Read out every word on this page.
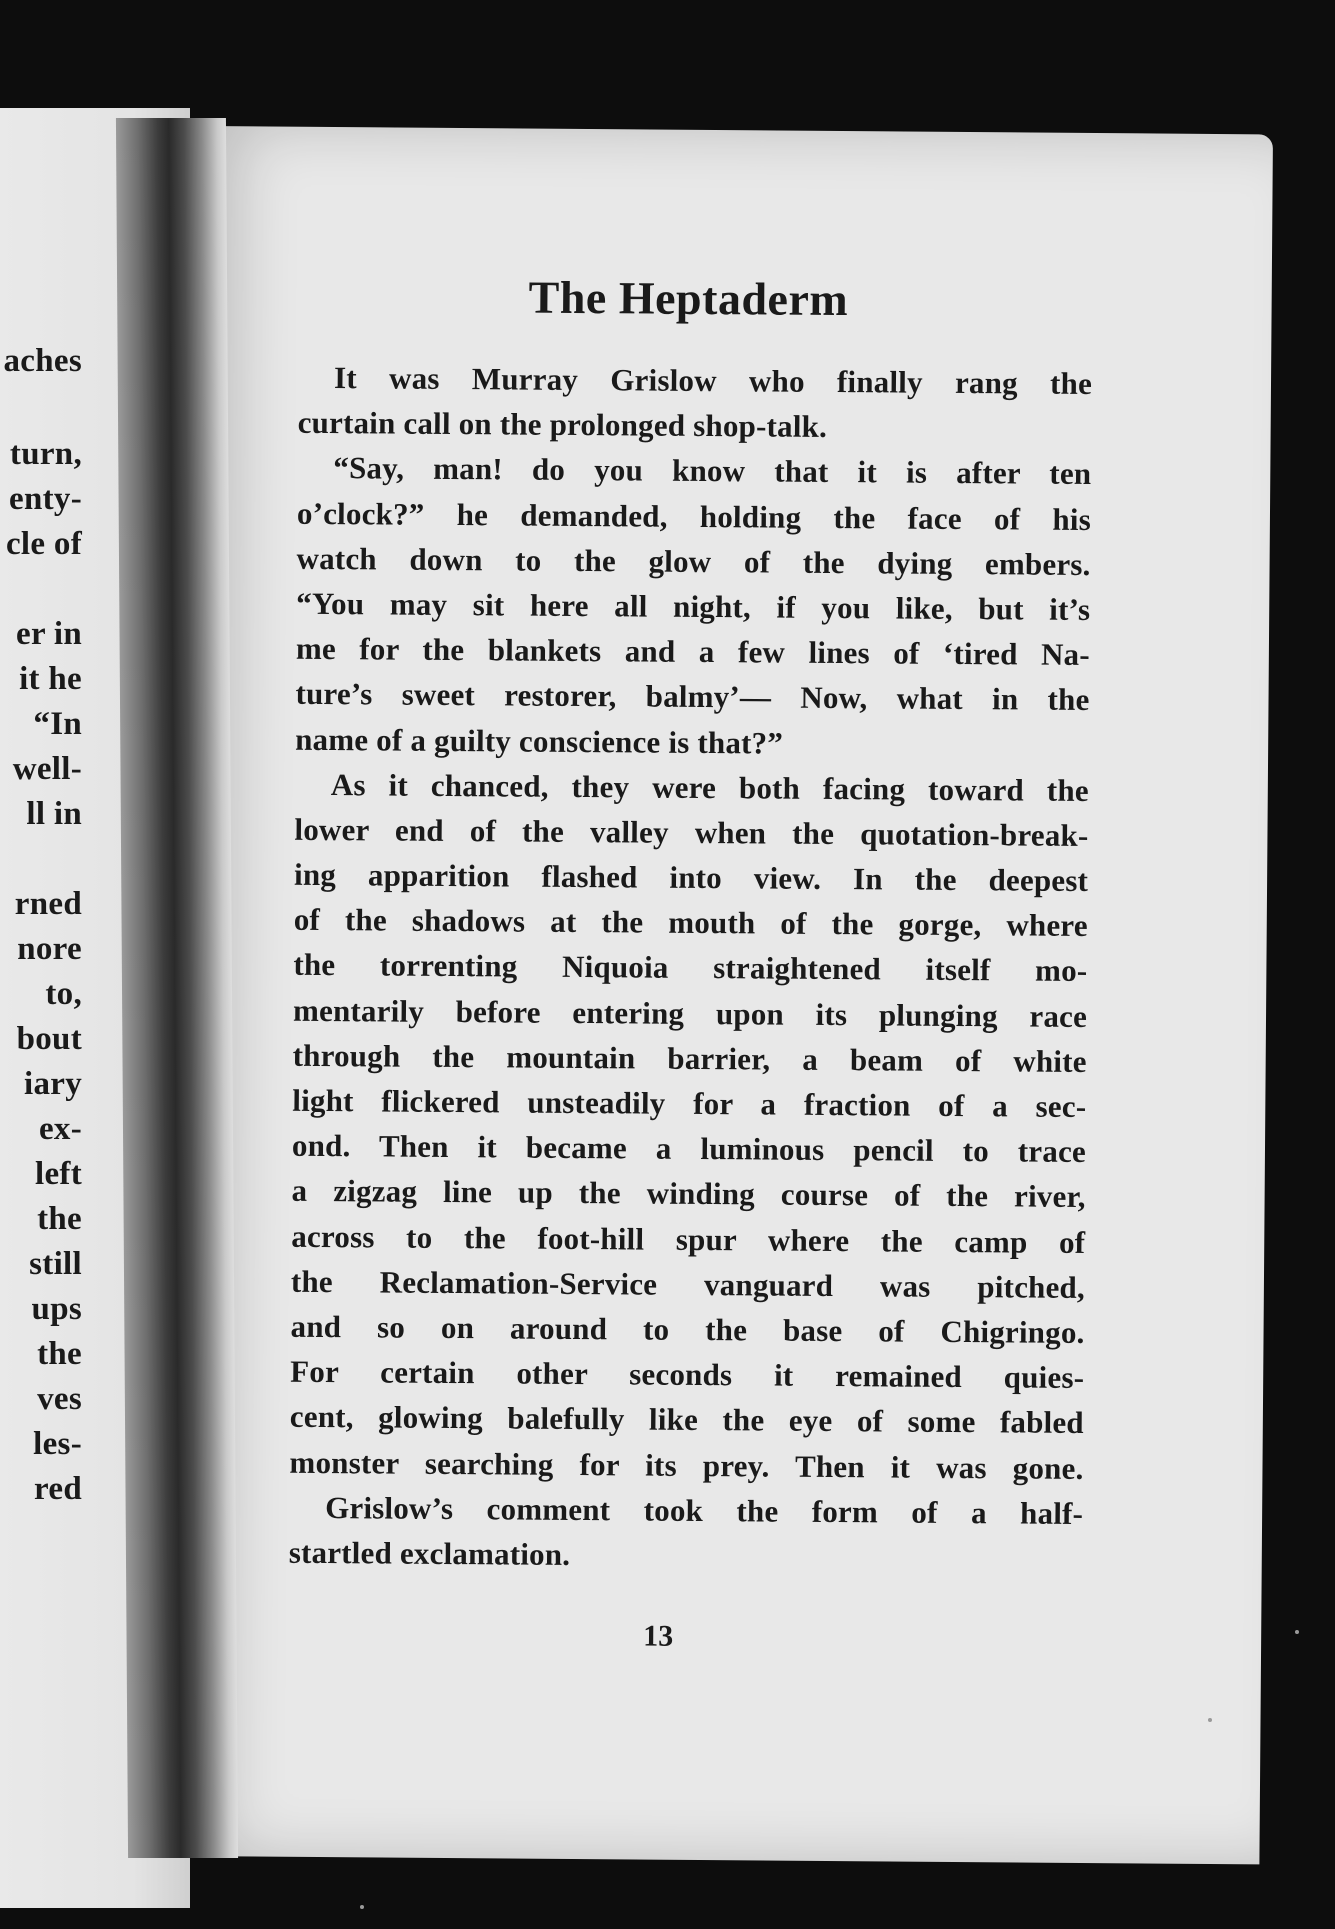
aches
turn,
enty-
cle of
er in
it he
“In
well-
ll in
rned
nore
to,
bout
iary
ex-
left
the
still
ups
the
ves
les-
red
The Heptaderm
It was Murray Grislow who finally rang the
curtain call on the prolonged shop-talk.
“Say, man! do you know that it is after ten
o’clock?” he demanded, holding the face of his
watch down to the glow of the dying embers.
“You may sit here all night, if you like, but it’s
me for the blankets and a few lines of ‘tired Na-
ture’s sweet restorer, balmy’— Now, what in the
name of a guilty conscience is that?”
As it chanced, they were both facing toward the
lower end of the valley when the quotation-break-
ing apparition flashed into view. In the deepest
of the shadows at the mouth of the gorge, where
the torrenting Niquoia straightened itself mo-
mentarily before entering upon its plunging race
through the mountain barrier, a beam of white
light flickered unsteadily for a fraction of a sec-
ond. Then it became a luminous pencil to trace
a zigzag line up the winding course of the river,
across to the foot-hill spur where the camp of
the Reclamation-Service vanguard was pitched,
and so on around to the base of Chigringo.
For certain other seconds it remained quies-
cent, glowing balefully like the eye of some fabled
monster searching for its prey. Then it was gone.
Grislow’s comment took the form of a half-
startled exclamation.
13
